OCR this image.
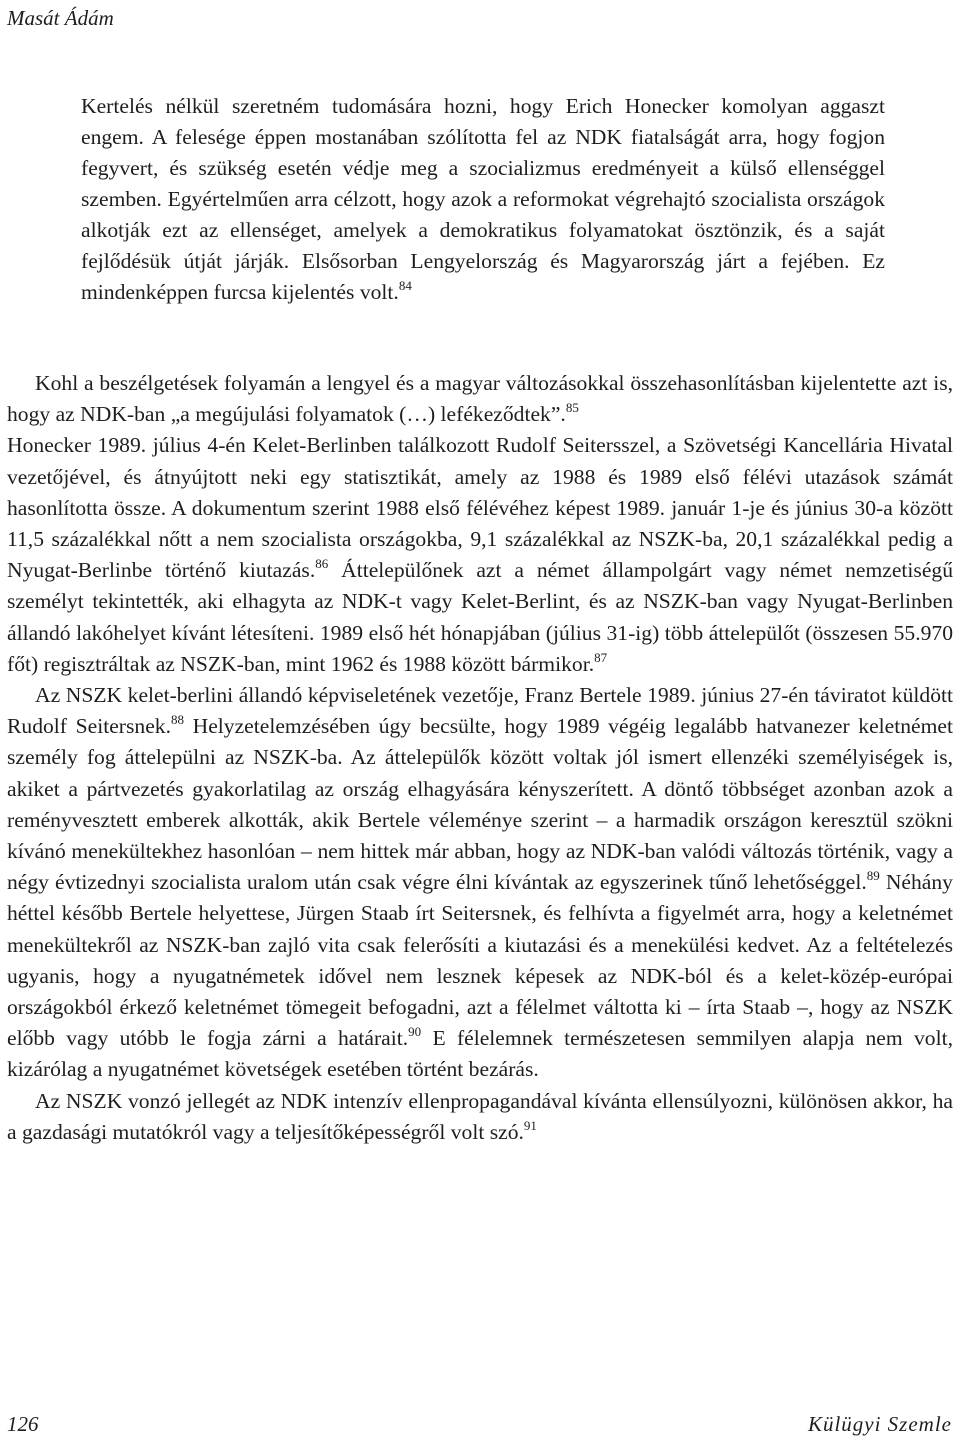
Masát Ádám

Kertelés nélkül szeretném tudomására hozni, hogy Erich Honecker komolyan aggaszt engem. A felesége éppen mostanában szólította fel az NDK fiatalságát arra, hogy fogjon fegyvert, és szükség esetén védje meg a szocializmus eredményeit a külső ellenséggel szemben. Egyértelműen arra célzott, hogy azok a reformokat végrehajtó szocialista országok alkotják ezt az ellenséget, amelyek a demokratikus folyamatokat ösztönzik, és a saját fejlődésük útját járják. Elsősorban Lengyelország és Magyarország járt a fejében. Ez mindenképpen furcsa kijelentés volt.$^{84}$

Kohl a beszélgetések folyamán a lengyel és a magyar változásokkal összehasonlításban kijelentette azt is, hogy az NDK-ban „a megújulási folyamatok (…) lefékeződtek”.$^{85}$

Honecker 1989. július 4-én Kelet-Berlinben találkozott Rudolf Seitersszel, a Szövetségi Kancellária Hivatal vezetőjével, és átnyújtott neki egy statisztikát, amely az 1988 és 1989 első félévi utazások számát hasonlította össze. A dokumentum szerint 1988 első félévéhez képest 1989. január 1-je és június 30-a között 11,5 százalékkal nőtt a nem szocialista országokba, 9,1 százalékkal az NSZK-ba, 20,1 százalékkal pedig a Nyugat-Berlinbe történő kiutazás.$^{86}$ Áttelepülőnek azt a német állampolgárt vagy német nemzetiségű személyt tekintették, aki elhagyta az NDK-t vagy Kelet-Berlint, és az NSZK-ban vagy Nyugat-Berlinben állandó lakóhelyet kívánt létesíteni. 1989 első hét hónapjában (július 31-ig) több áttelepülőt (összesen 55.970 főt) regisztráltak az NSZK-ban, mint 1962 és 1988 között bármikor.$^{87}$

Az NSZK kelet-berlini állandó képviseletének vezetője, Franz Bertele 1989. június 27-én táviratot küldött Rudolf Seitersnek.$^{88}$ Helyzetelemzésében úgy becsülte, hogy 1989 végéig legalább hatvanezer keletnémet személy fog áttelepülni az NSZK-ba. Az áttelepülők között voltak jól ismert ellenzéki személyiségek is, akiket a pártvezetés gyakorlatilag az ország elhagyására kényszerített. A döntő többséget azonban azok a reményvesztett emberek alkották, akik Bertele véleménye szerint – a harmadik országon keresztül szökni kívánó menekültekhez hasonlóan – nem hittek már abban, hogy az NDK-ban valódi változás történik, vagy a négy évtizednyi szocialista uralom után csak végre élni kívántak az egyszerinek tűnő lehetőséggel.$^{89}$ Néhány héttel később Bertele helyettese, Jürgen Staab írt Seitersnek, és felhívta a figyelmét arra, hogy a keletnémet menekültekről az NSZK-ban zajló vita csak felerősíti a kiutazási és a menekülési kedvet. Az a feltételezés ugyanis, hogy a nyugatnémetek idővel nem lesznek képesek az NDK-ból és a kelet-közép-európai országokból érkező keletnémet tömegeit befogadni, azt a félelmet váltotta ki – írta Staab –, hogy az NSZK előbb vagy utóbb le fogja zárni a határait.$^{90}$ E félelemnek természetesen semmilyen alapja nem volt, kizárólag a nyugatnémet követségek esetében történt bezárás.

Az NSZK vonzó jellegét az NDK intenzív ellenpropagandával kívánta ellensúlyozni, különösen akkor, ha a gazdasági mutatókról vagy a teljesítőképességről volt szó.$^{91}$

126	Külügyi Szemle
